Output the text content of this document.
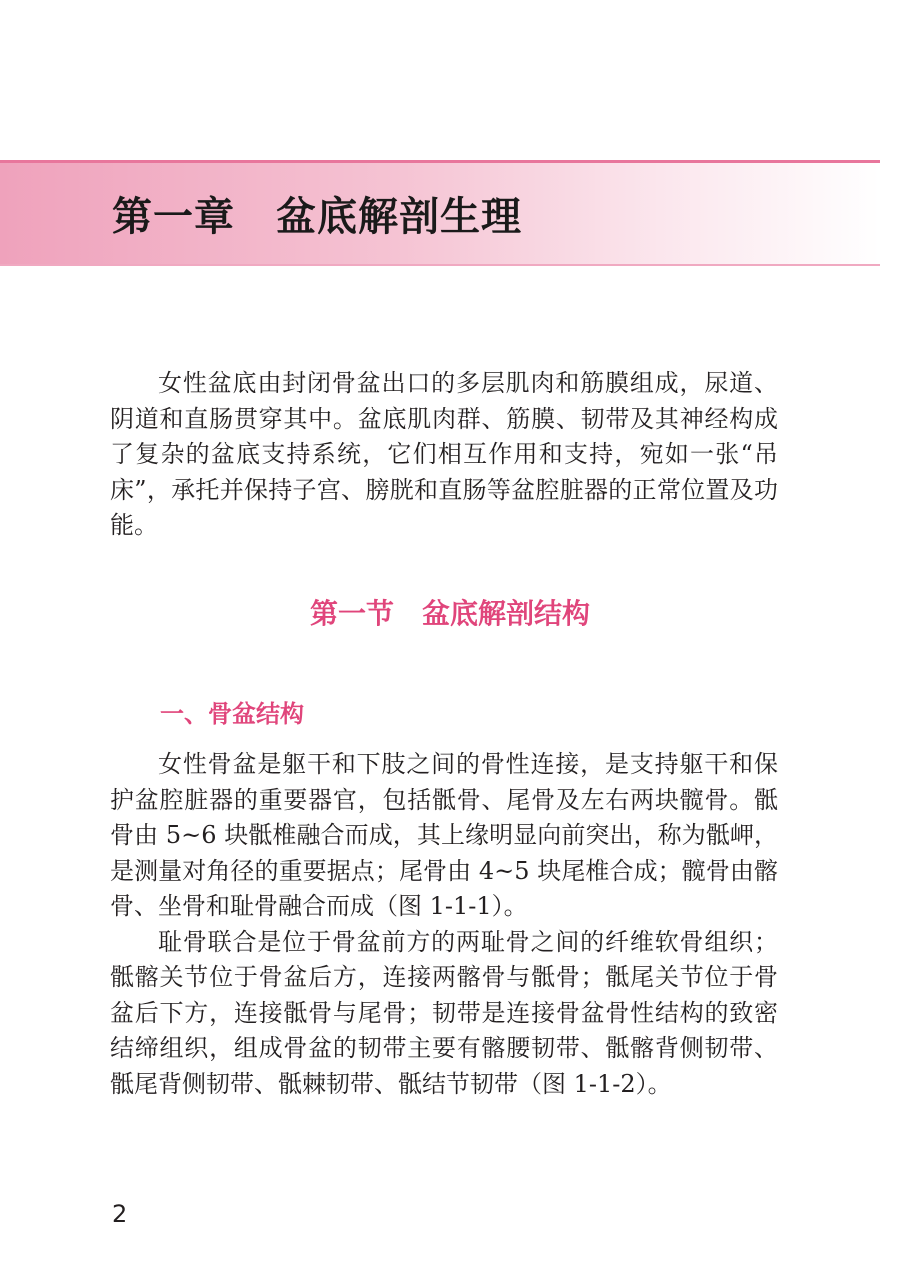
第一章　盆底解剖生理

女性盆底由封闭骨盆出口的多层肌肉和筋膜组成，尿道、阴道和直肠贯穿其中。盆底肌肉群、筋膜、韧带及其神经构成了复杂的盆底支持系统，它们相互作用和支持，宛如一张“吊床”，承托并保持子宫、膀胱和直肠等盆腔脏器的正常位置及功能。

第一节　盆底解剖结构
一、骨盆结构

女性骨盆是躯干和下肢之间的骨性连接，是支持躯干和保护盆腔脏器的重要器官，包括骶骨、尾骨及左右两块髋骨。骶骨由 5~6 块骶椎融合而成，其上缘明显向前突出，称为骶岬，是测量对角径的重要据点；尾骨由 4~5 块尾椎合成；髋骨由髂骨、坐骨和耻骨融合而成（图 1-1-1）。

耻骨联合是位于骨盆前方的两耻骨之间的纤维软骨组织；骶髂关节位于骨盆后方，连接两髂骨与骶骨；骶尾关节位于骨盆后下方，连接骶骨与尾骨；韧带是连接骨盆骨性结构的致密结缔组织，组成骨盆的韧带主要有髂腰韧带、骶髂背侧韧带、骶尾背侧韧带、骶棘韧带、骶结节韧带（图 1-1-2）。

2
